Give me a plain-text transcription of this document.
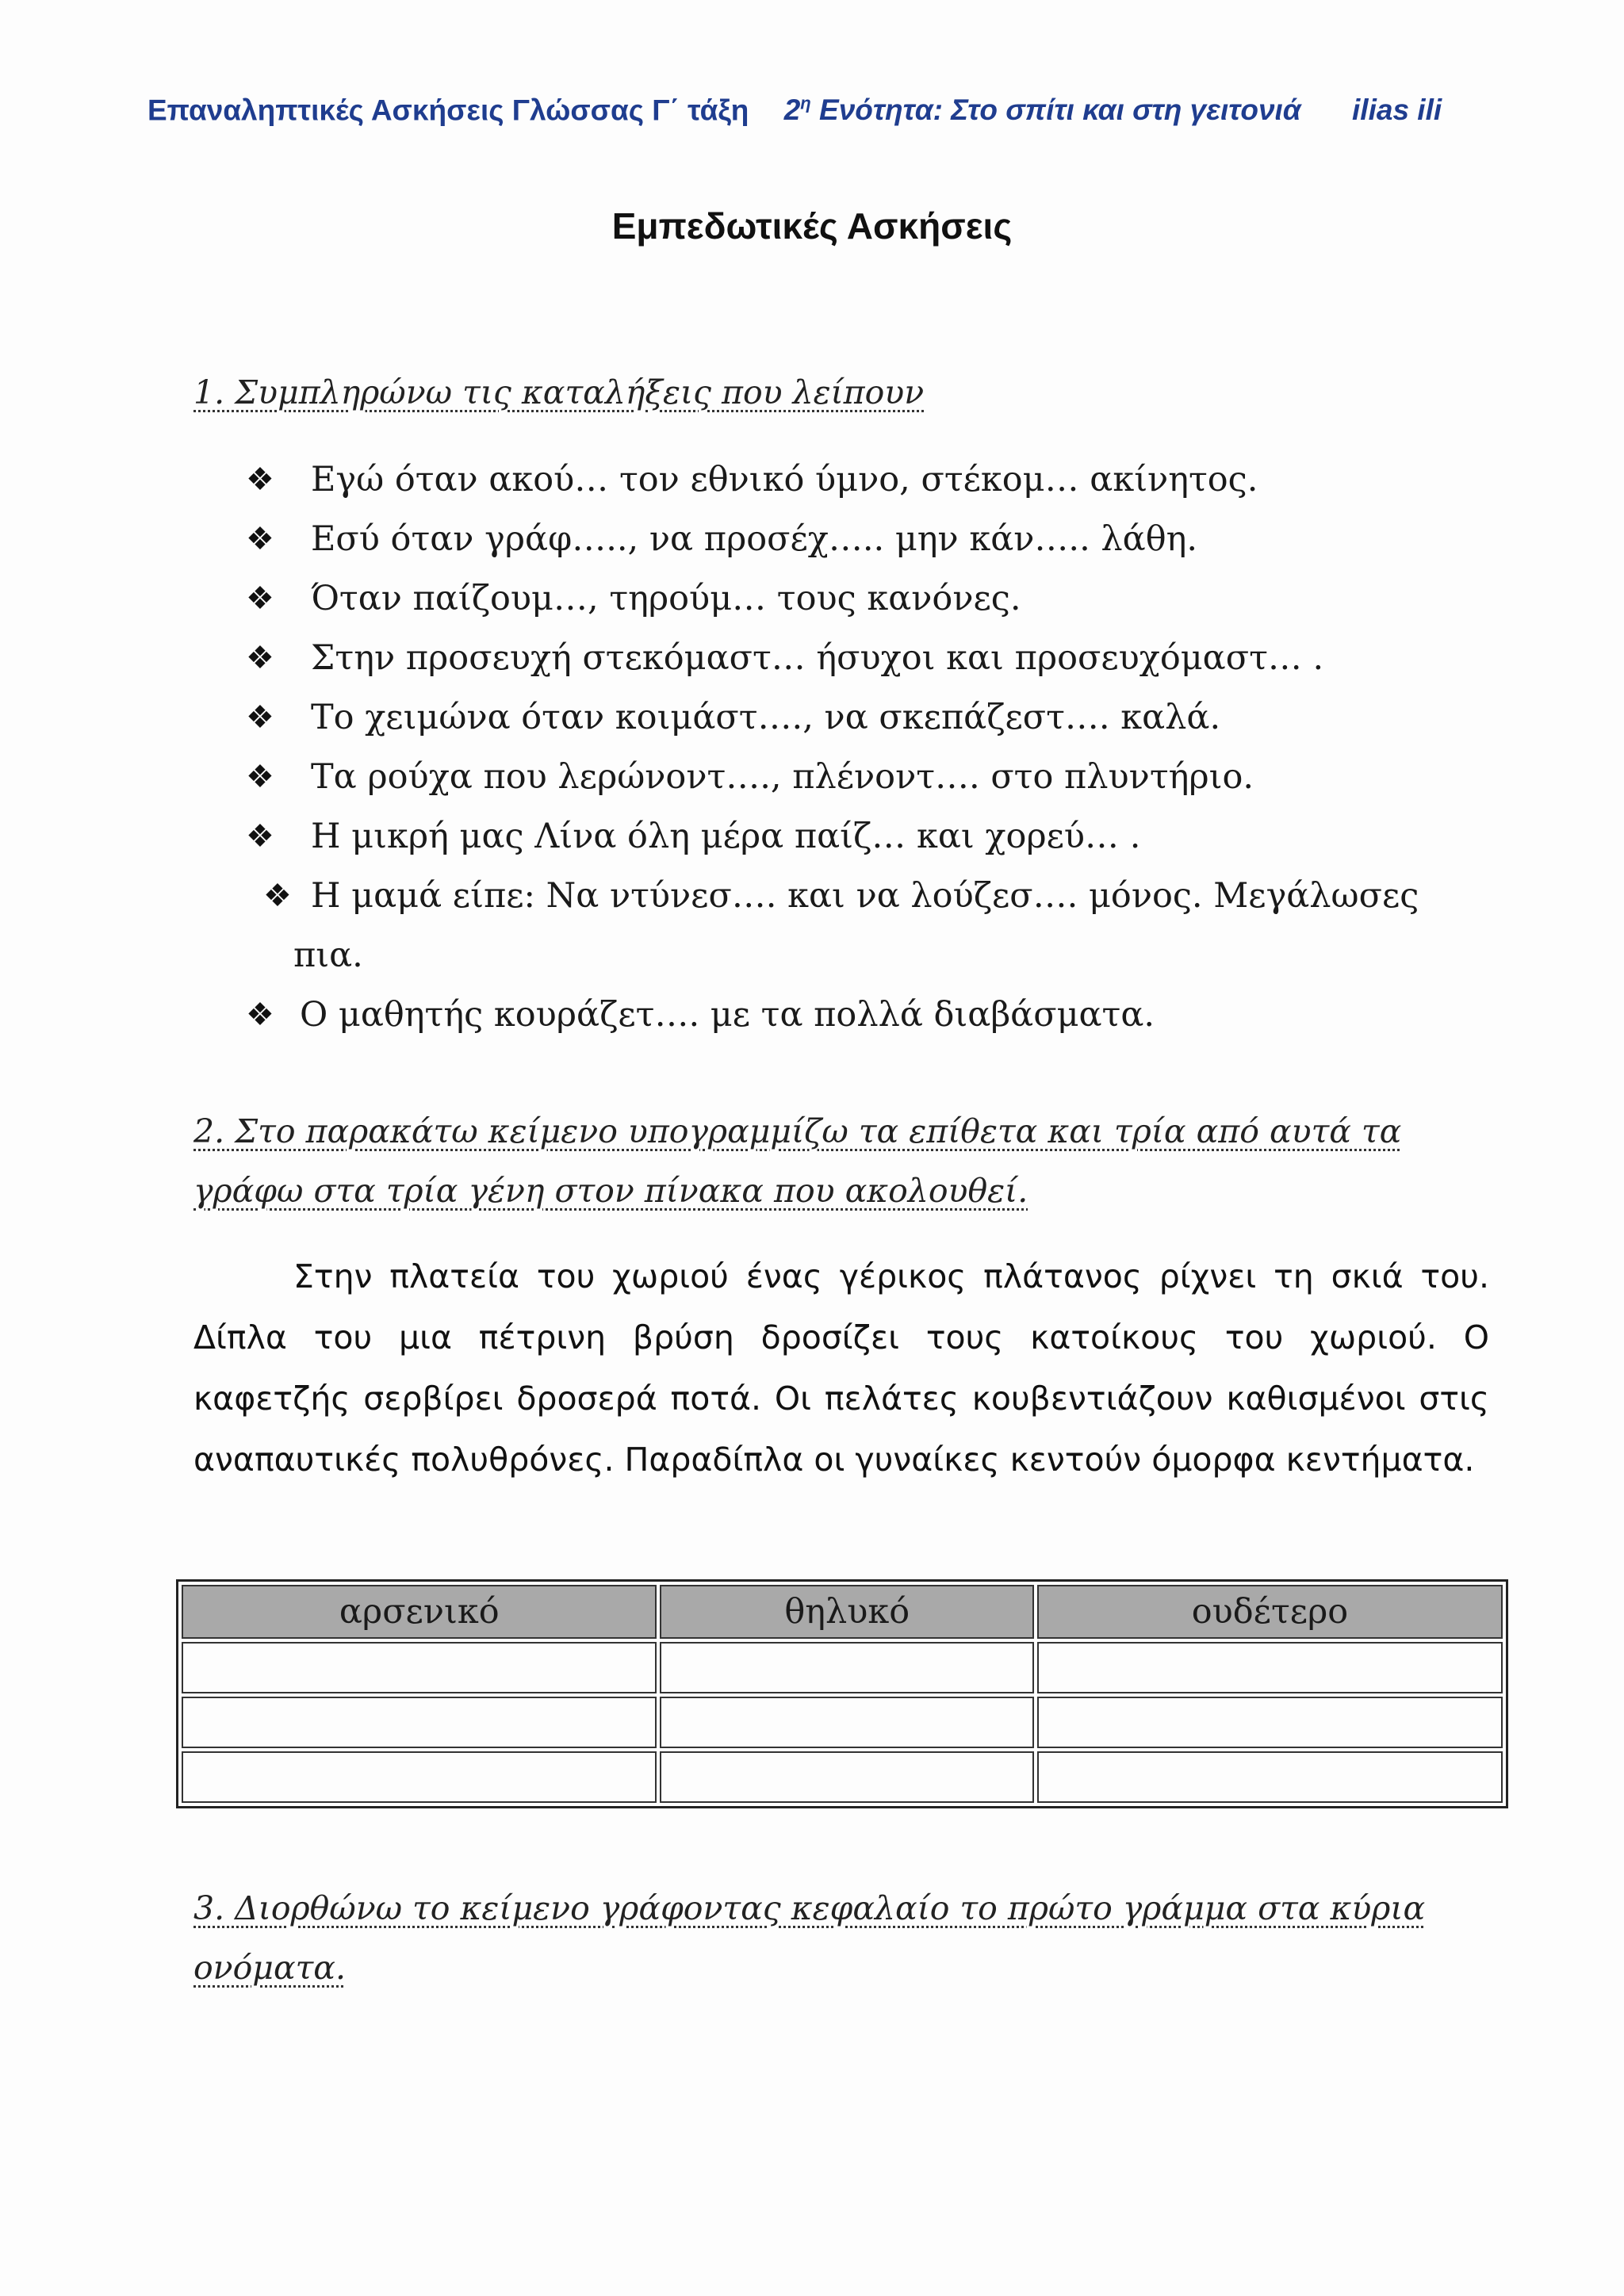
Επαναληπτικές Ασκήσεις Γλώσσας Γ΄ τάξη $2^\eta$ Ενότητα: Στο σπίτι και στη γειτονιά ilias ili
Εμπεδωτικές Ασκήσεις
1. Συμπληρώνω τις καταλήξεις που λείπουν
❖ Εγώ όταν ακού… τον εθνικό ύμνο, στέκομ… ακίνητος.
❖ Εσύ όταν γράφ….., να προσέχ….. μην κάν….. λάθη.
❖ Όταν παίζουμ…, τηρούμ… τους κανόνες.
❖ Στην προσευχή στεκόμαστ… ήσυχοι και προσευχόμαστ… .
❖ Το χειμώνα όταν κοιμάστ…., να σκεπάζεστ…. καλά.
❖ Τα ρούχα που λερώνοντ…., πλένοντ…. στο πλυντήριο.
❖ Η μικρή μας Λίνα όλη μέρα παίζ… και χορεύ… .
❖ Η μαμά είπε: Να ντύνεσ…. και να λούζεσ…. μόνος. Μεγάλωσες πια.
❖ Ο μαθητής κουράζετ…. με τα πολλά διαβάσματα.
2. Στο παρακάτω κείμενο υπογραμμίζω τα επίθετα και τρία από αυτά τα γράφω στα τρία γένη στον πίνακα που ακολουθεί.
Στην πλατεία του χωριού ένας γέρικος πλάτανος ρίχνει τη σκιά του. Δίπλα του μια πέτρινη βρύση δροσίζει τους κατοίκους του χωριού. Ο καφετζής σερβίρει δροσερά ποτά. Οι πελάτες κουβεντιάζουν καθισμένοι στις αναπαυτικές πολυθρόνες. Παραδίπλα οι γυναίκες κεντούν όμορφα κεντήματα.
αρσενικό	θηλυκό	ουδέτερο

3. Διορθώνω το κείμενο γράφοντας κεφαλαίο το πρώτο γράμμα στα κύρια ονόματα.
